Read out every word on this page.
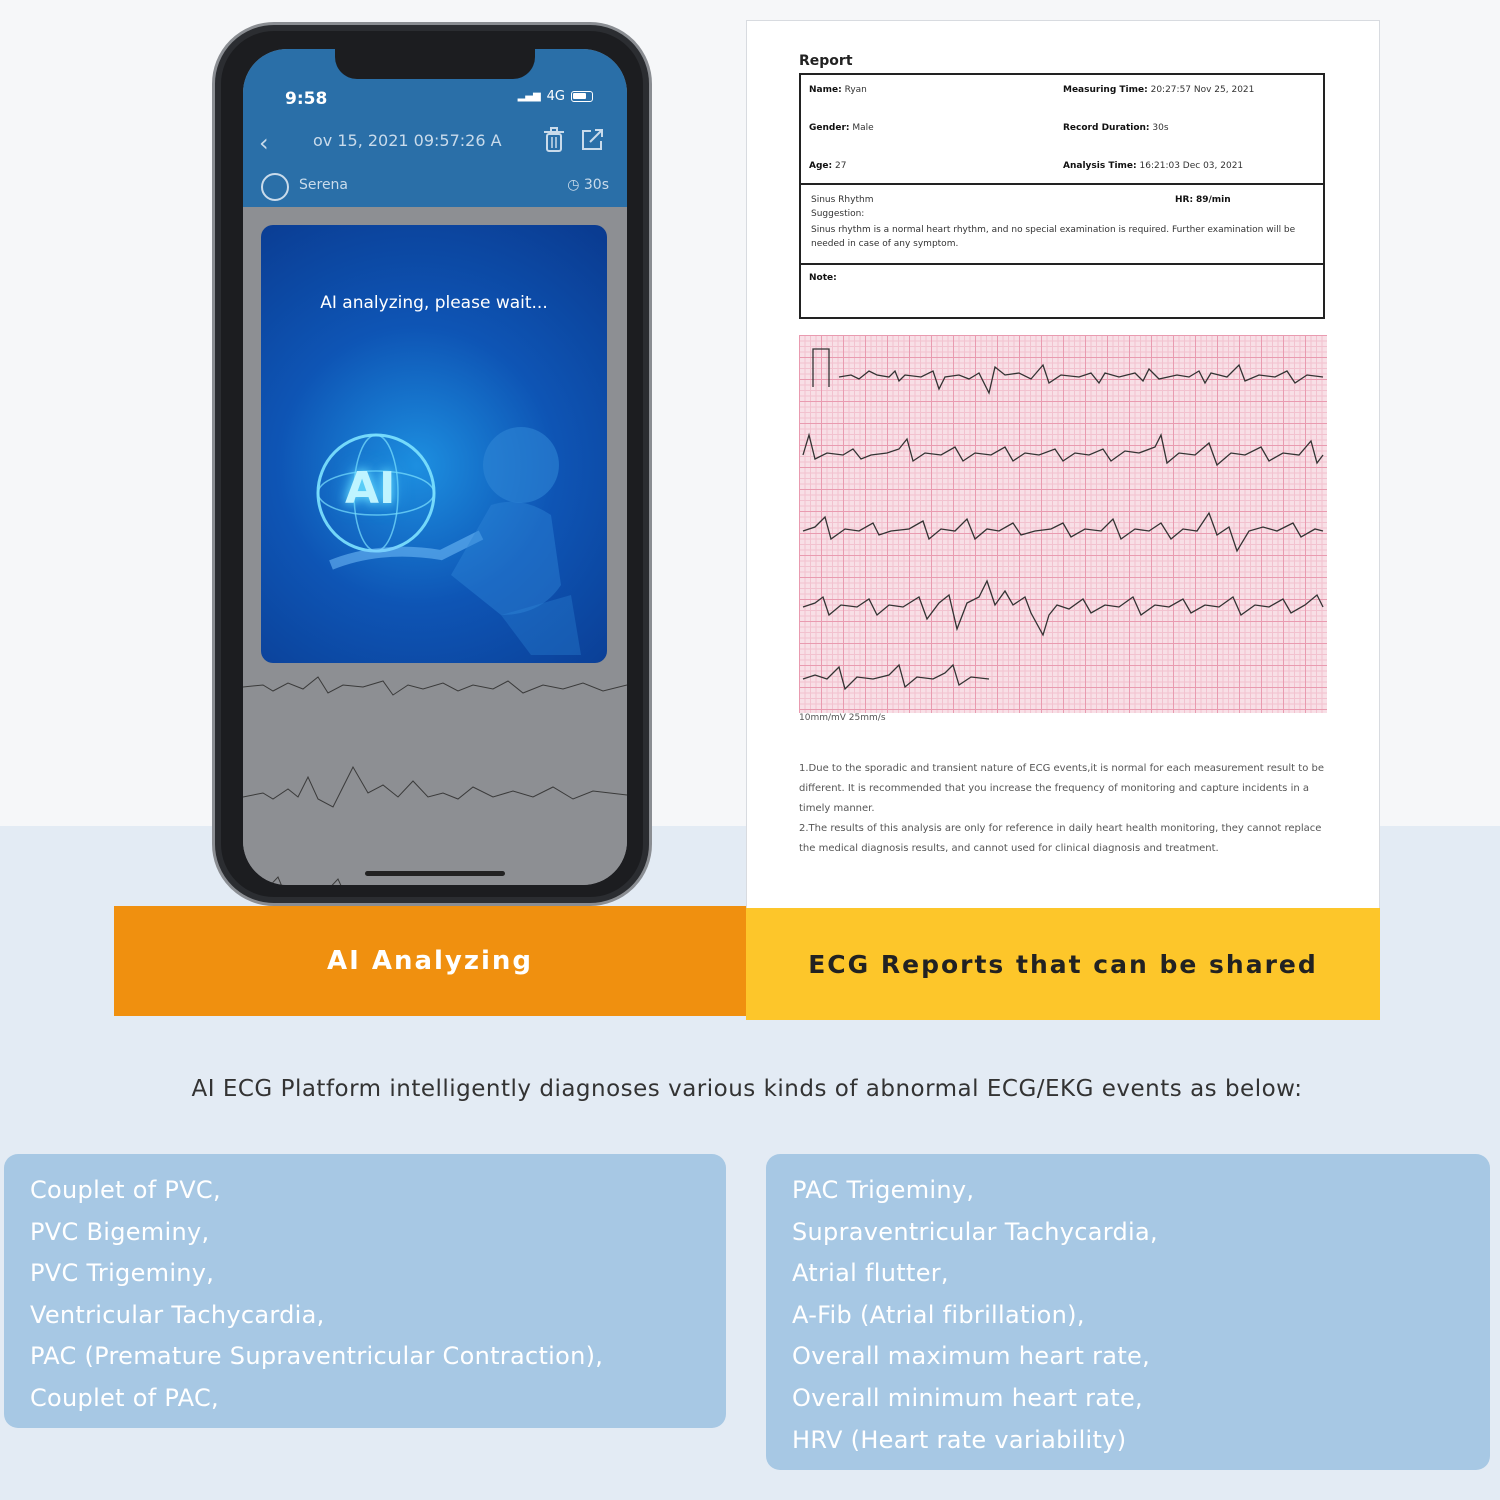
9:58	▂▄▆ 4G
‹	ov 15, 2021 09:57:26 A
Serena	◷ 30s
AI analyzing, please wait...
AI
Report
Name: Ryan	Measuring Time: 20:27:57 Nov 25, 2021
Gender: Male	Record Duration: 30s
Age: 27	Analysis Time: 16:21:03 Dec 03, 2021
Sinus Rhythm	HR: 89/min
Suggestion:
Sinus rhythm is a normal heart rhythm, and no special examination is required. Further examination will be needed in case of any symptom.
Note:
10mm/mV 25mm/s

1.Due to the sporadic and transient nature of ECG events,it is normal for each measurement result to be different. It is recommended that you increase the frequency of monitoring and capture incidents in a timely manner.

2.The results of this analysis are only for reference in daily heart health monitoring, they cannot replace the medical diagnosis results, and cannot used for clinical diagnosis and treatment.

AI Analyzing	ECG Reports that can be shared
AI ECG Platform intelligently diagnoses various kinds of abnormal ECG/EKG events as below:
Couplet of PVC,
PVC Bigeminy,
PVC Trigeminy,
Ventricular Tachycardia,
PAC (Premature Supraventricular Contraction),
Couplet of PAC,
PAC Trigeminy,
Supraventricular Tachycardia,
Atrial flutter,
A-Fib (Atrial fibrillation),
Overall maximum heart rate,
Overall minimum heart rate,
HRV (Heart rate variability)
